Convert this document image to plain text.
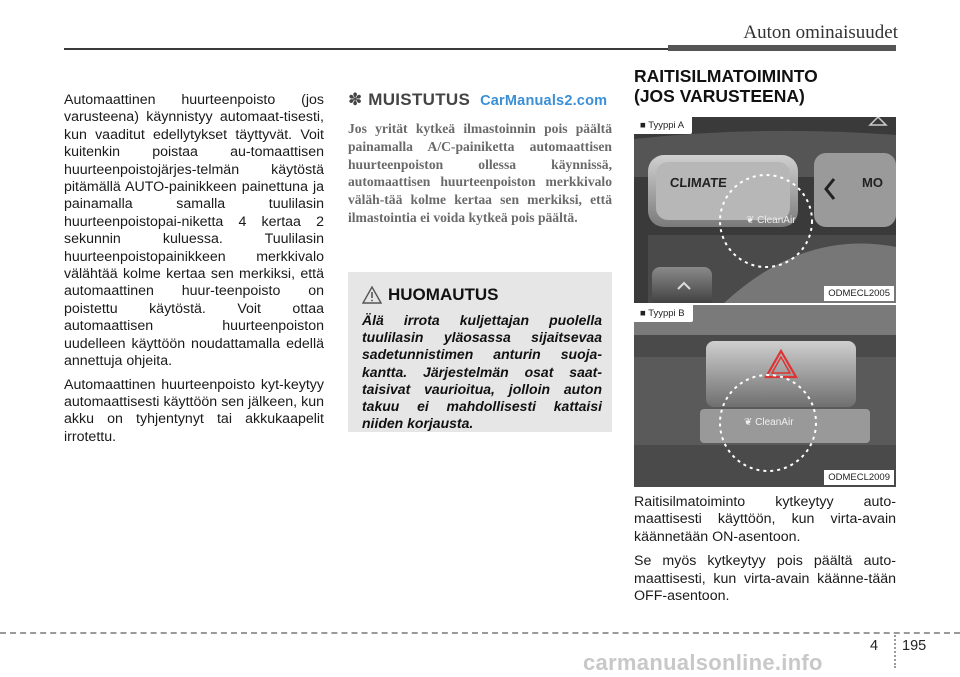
Auton ominaisuudet

Automaattinen huurteenpoisto (jos varusteena) käynnistyy automaat-tisesti, kun vaaditut edellytykset täyttyvät. Voit kuitenkin poistaa au-tomaattisen huurteenpoistojärjes-telmän käytöstä pitämällä AUTO-painikkeen painettuna ja painamalla samalla tuulilasin huurteenpoistopai-niketta 4 kertaa 2 sekunnin kuluessa. Tuulilasin huurteenpoistopainikkeen merkkivalo välähtää kolme kertaa sen merkiksi, että automaattinen huur-teenpoisto on poistettu käytöstä. Voit ottaa automaattisen huurteenpoiston uudelleen käyttöön noudattamalla edellä annettuja ohjeita.

Automaattinen huurteenpoisto kyt-keytyy automaattisesti käyttöön sen jälkeen, kun akku on tyhjentynyt tai akkukaapelit irrotettu.

✽ MUISTUTUS CarManuals2.com
Jos yrität kytkeä ilmastoinnin pois päältä painamalla A/C-painiketta automaattisen huurteenpoiston ollessa käynnissä, automaattisen huurteenpoiston merkkivalo väläh-tää kolme kertaa sen merkiksi, että ilmastointia ei voida kytkeä pois päältä.
HUOMAUTUS
Älä irrota kuljettajan puolella tuulilasin yläosassa sijaitsevaa sadetunnistimen anturin suoja-kantta. Järjestelmän osat saat-taisivat vaurioitua, jolloin auton takuu ei mahdollisesti kattaisi niiden korjausta.
RAITISILMATOIMINTO
(JOS VARUSTEENA)
CLIMATE	MO
❦ CleanAir
■ Tyyppi A
ODMECL2005
❦ CleanAir
■ Tyyppi B
ODMECL2009

Raitisilmatoiminto kytkeytyy auto-maattisesti käyttöön, kun virta-avain käännetään ON-asentoon.

Se myös kytkeytyy pois päältä auto-maattisesti, kun virta-avain käänne-tään OFF-asentoon.

4 195
carmanualsonline.info
